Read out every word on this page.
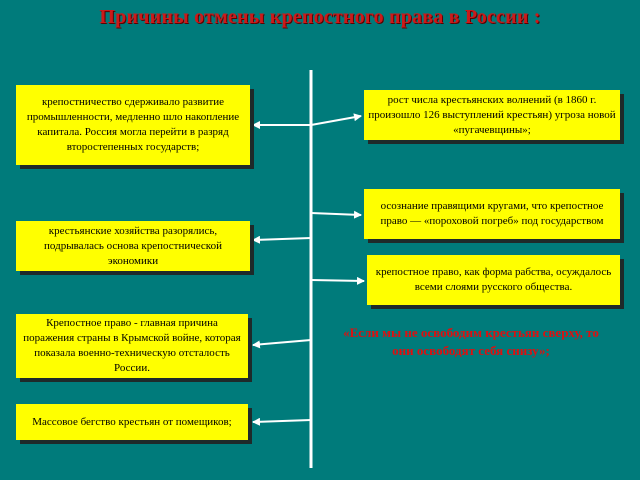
Причины отмены крепостного права в России :
крепостничество сдерживало развитие промышленности, медленно шло накопление капитала. Россия могла перейти в разряд второстепенных государств;
крестьянские хозяйства разорялись, подрывалась основа крепостнической экономики
Крепостное право - главная причина поражения страны в Крымской войне, которая показала военно-техническую отсталость России.
Массовое бегство крестьян от помещиков;
рост числа крестьянских волнений (в 1860 г. произошло 126 выступлений крестьян) угроза новой «пугачевщины»;
осознание правящими кругами, что крепостное право — «пороховой погреб» под государством
крепостное право, как форма рабства, осуждалось всеми слоями русского общества.
«Если мы не освободим крестьян сверху, то они освободят себя снизу»;
